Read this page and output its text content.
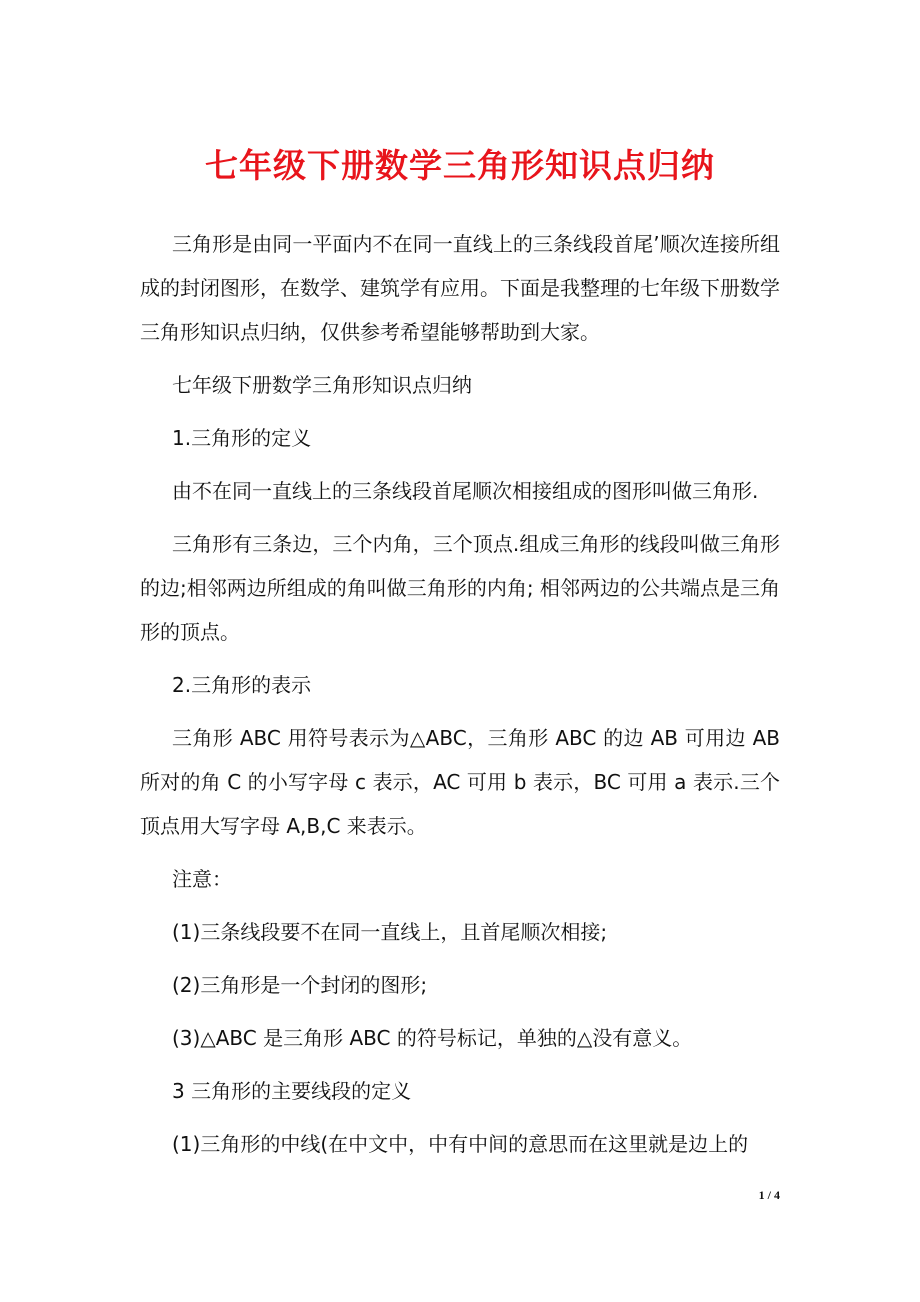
七年级下册数学三角形知识点归纳

三角形是由同一平面内不在同一直线上的三条线段首尾’顺次连接所组成的封闭图形，在数学、建筑学有应用。下面是我整理的七年级下册数学三角形知识点归纳，仅供参考希望能够帮助到大家。

七年级下册数学三角形知识点归纳

1.三角形的定义

由不在同一直线上的三条线段首尾顺次相接组成的图形叫做三角形.

三角形有三条边，三个内角，三个顶点.组成三角形的线段叫做三角形的边;相邻两边所组成的角叫做三角形的内角; 相邻两边的公共端点是三角形的顶点。

2.三角形的表示

三角形 ABC 用符号表示为△ABC，三角形 ABC 的边 AB 可用边 AB 所对的角 C 的小写字母 c 表示，AC 可用 b 表示，BC 可用 a 表示.三个顶点用大写字母 A,B,C 来表示。

注意：

(1)三条线段要不在同一直线上，且首尾顺次相接;

(2)三角形是一个封闭的图形;

(3)△ABC 是三角形 ABC 的符号标记，单独的△没有意义。

3 三角形的主要线段的定义

(1)三角形的中线(在中文中，中有中间的意思而在这里就是边上的

1 / 4
